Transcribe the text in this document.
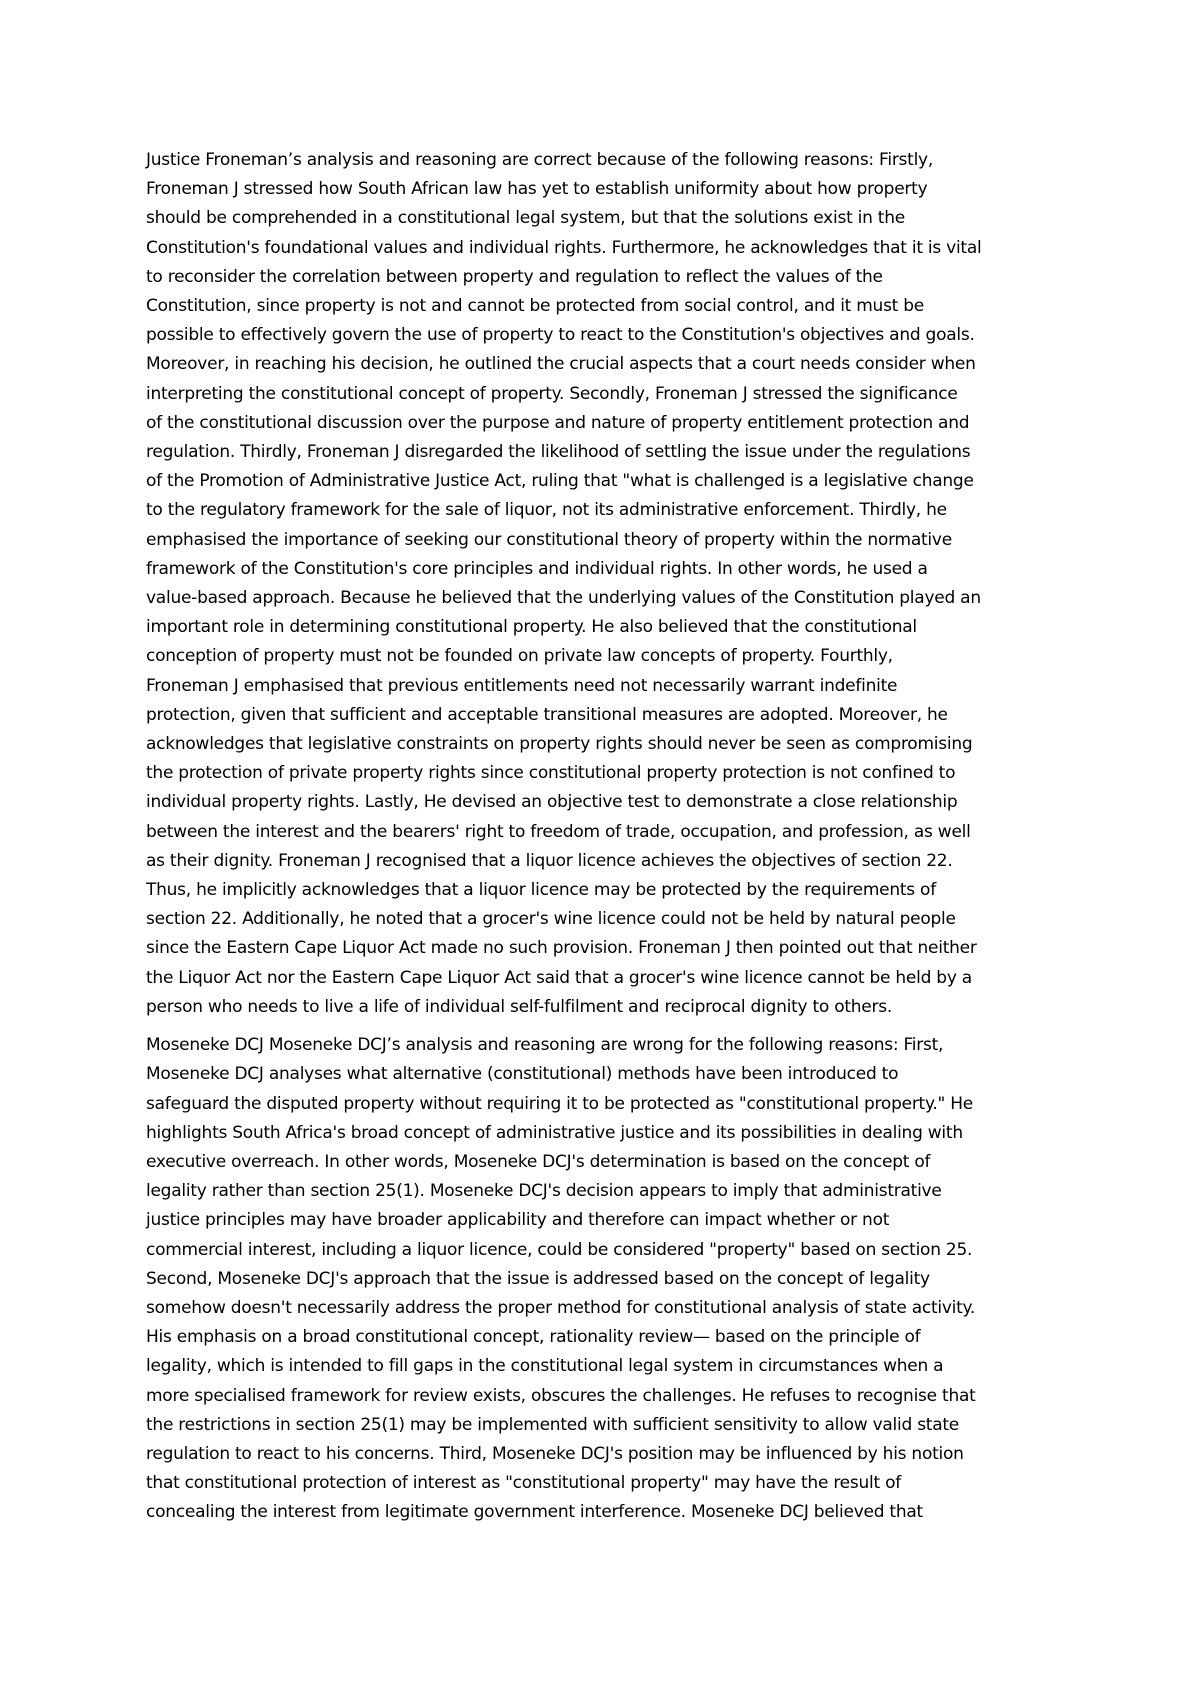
Justice Froneman’s analysis and reasoning are correct because of the following reasons: Firstly,
Froneman J stressed how South African law has yet to establish uniformity about how property
should be comprehended in a constitutional legal system, but that the solutions exist in the
Constitution's foundational values and individual rights. Furthermore, he acknowledges that it is vital
to reconsider the correlation between property and regulation to reflect the values of the
Constitution, since property is not and cannot be protected from social control, and it must be
possible to effectively govern the use of property to react to the Constitution's objectives and goals.
Moreover, in reaching his decision, he outlined the crucial aspects that a court needs consider when
interpreting the constitutional concept of property. Secondly, Froneman J stressed the significance
of the constitutional discussion over the purpose and nature of property entitlement protection and
regulation. Thirdly, Froneman J disregarded the likelihood of settling the issue under the regulations
of the Promotion of Administrative Justice Act, ruling that "what is challenged is a legislative change
to the regulatory framework for the sale of liquor, not its administrative enforcement. Thirdly, he
emphasised the importance of seeking our constitutional theory of property within the normative
framework of the Constitution's core principles and individual rights. In other words, he used a
value-based approach. Because he believed that the underlying values of the Constitution played an
important role in determining constitutional property. He also believed that the constitutional
conception of property must not be founded on private law concepts of property. Fourthly,
Froneman J emphasised that previous entitlements need not necessarily warrant indefinite
protection, given that sufficient and acceptable transitional measures are adopted. Moreover, he
acknowledges that legislative constraints on property rights should never be seen as compromising
the protection of private property rights since constitutional property protection is not confined to
individual property rights. Lastly, He devised an objective test to demonstrate a close relationship
between the interest and the bearers' right to freedom of trade, occupation, and profession, as well
as their dignity. Froneman J recognised that a liquor licence achieves the objectives of section 22.
Thus, he implicitly acknowledges that a liquor licence may be protected by the requirements of
section 22. Additionally, he noted that a grocer's wine licence could not be held by natural people
since the Eastern Cape Liquor Act made no such provision. Froneman J then pointed out that neither
the Liquor Act nor the Eastern Cape Liquor Act said that a grocer's wine licence cannot be held by a
person who needs to live a life of individual self-fulfilment and reciprocal dignity to others.
Moseneke DCJ Moseneke DCJ’s analysis and reasoning are wrong for the following reasons: First,
Moseneke DCJ analyses what alternative (constitutional) methods have been introduced to
safeguard the disputed property without requiring it to be protected as "constitutional property." He
highlights South Africa's broad concept of administrative justice and its possibilities in dealing with
executive overreach. In other words, Moseneke DCJ's determination is based on the concept of
legality rather than section 25(1). Moseneke DCJ's decision appears to imply that administrative
justice principles may have broader applicability and therefore can impact whether or not
commercial interest, including a liquor licence, could be considered "property" based on section 25.
Second, Moseneke DCJ's approach that the issue is addressed based on the concept of legality
somehow doesn't necessarily address the proper method for constitutional analysis of state activity.
His emphasis on a broad constitutional concept, rationality review— based on the principle of
legality, which is intended to fill gaps in the constitutional legal system in circumstances when a
more specialised framework for review exists, obscures the challenges. He refuses to recognise that
the restrictions in section 25(1) may be implemented with sufficient sensitivity to allow valid state
regulation to react to his concerns. Third, Moseneke DCJ's position may be influenced by his notion
that constitutional protection of interest as "constitutional property" may have the result of
concealing the interest from legitimate government interference. Moseneke DCJ believed that
